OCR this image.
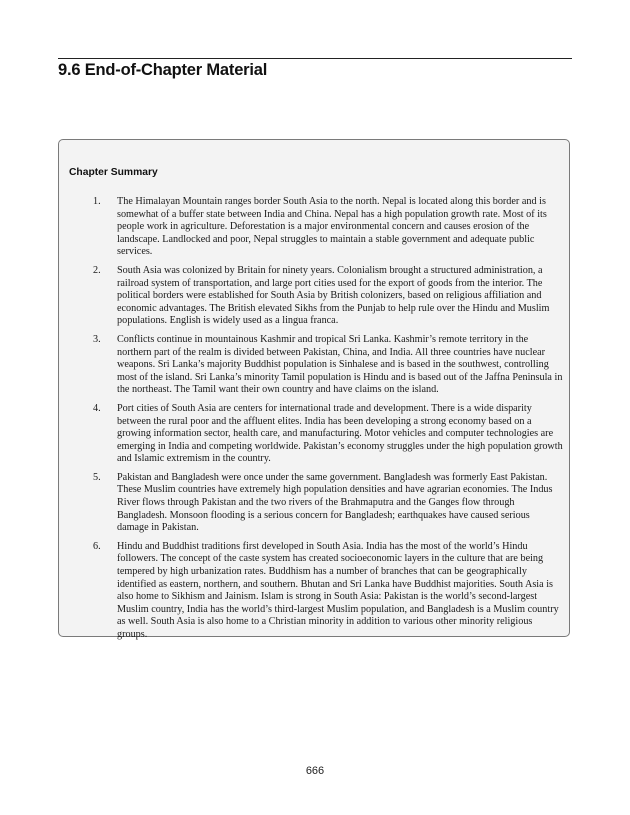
9.6 End-of-Chapter Material
Chapter Summary
1. The Himalayan Mountain ranges border South Asia to the north. Nepal is located along this border and is somewhat of a buffer state between India and China. Nepal has a high population growth rate. Most of its people work in agriculture. Deforestation is a major environmental concern and causes erosion of the landscape. Landlocked and poor, Nepal struggles to maintain a stable government and adequate public services.
2. South Asia was colonized by Britain for ninety years. Colonialism brought a structured administration, a railroad system of transportation, and large port cities used for the export of goods from the interior. The political borders were established for South Asia by British colonizers, based on religious affiliation and economic advantages. The British elevated Sikhs from the Punjab to help rule over the Hindu and Muslim populations. English is widely used as a lingua franca.
3. Conflicts continue in mountainous Kashmir and tropical Sri Lanka. Kashmir’s remote territory in the northern part of the realm is divided between Pakistan, China, and India. All three countries have nuclear weapons. Sri Lanka’s majority Buddhist population is Sinhalese and is based in the southwest, controlling most of the island. Sri Lanka’s minority Tamil population is Hindu and is based out of the Jaffna Peninsula in the northeast. The Tamil want their own country and have claims on the island.
4. Port cities of South Asia are centers for international trade and development. There is a wide disparity between the rural poor and the affluent elites. India has been developing a strong economy based on a growing information sector, health care, and manufacturing. Motor vehicles and computer technologies are emerging in India and competing worldwide. Pakistan’s economy struggles under the high population growth and Islamic extremism in the country.
5. Pakistan and Bangladesh were once under the same government. Bangladesh was formerly East Pakistan. These Muslim countries have extremely high population densities and have agrarian economies. The Indus River flows through Pakistan and the two rivers of the Brahmaputra and the Ganges flow through Bangladesh. Monsoon flooding is a serious concern for Bangladesh; earthquakes have caused serious damage in Pakistan.
6. Hindu and Buddhist traditions first developed in South Asia. India has the most of the world’s Hindu followers. The concept of the caste system has created socioeconomic layers in the culture that are being tempered by high urbanization rates. Buddhism has a number of branches that can be geographically identified as eastern, northern, and southern. Bhutan and Sri Lanka have Buddhist majorities. South Asia is also home to Sikhism and Jainism. Islam is strong in South Asia: Pakistan is the world’s second-largest Muslim country, India has the world’s third-largest Muslim population, and Bangladesh is a Muslim country as well. South Asia is also home to a Christian minority in addition to various other minority religious groups.
666
